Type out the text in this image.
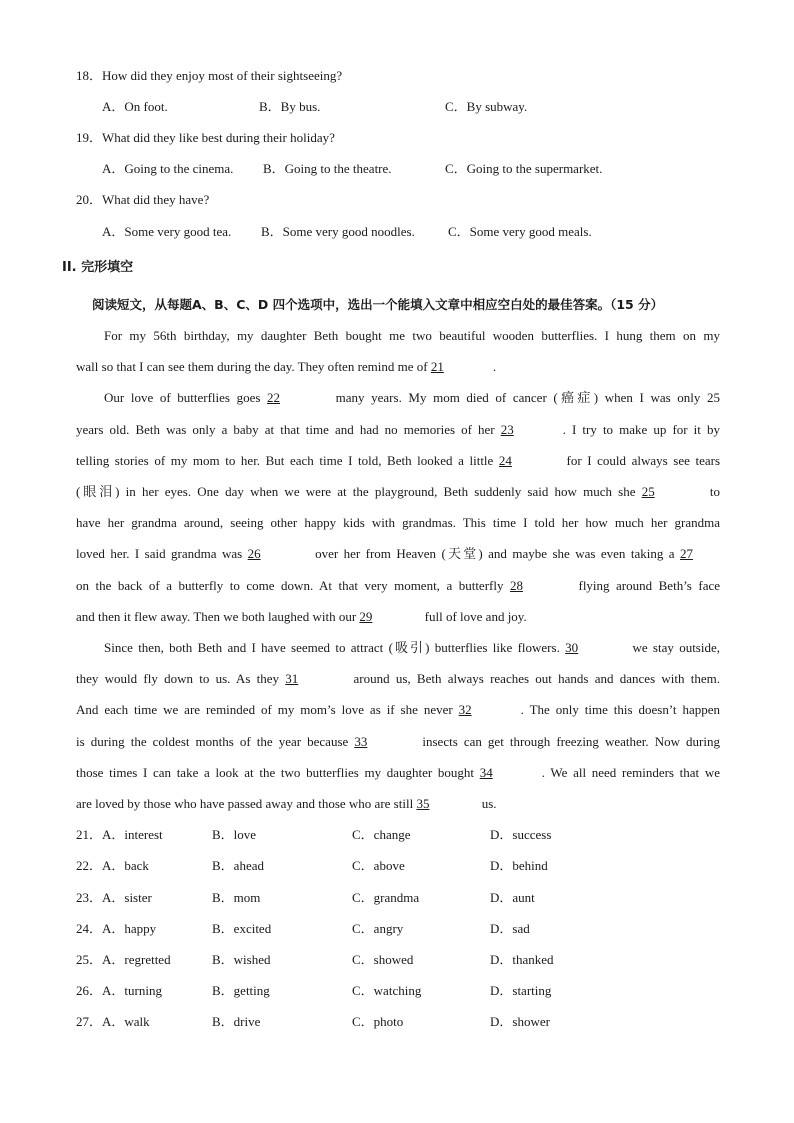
18．How did they enjoy most of their sightseeing?
A．On foot.	B．By bus.	C．By subway.
19．What did they like best during their holiday?
A．Going to the cinema. B．Going to the theatre.	C．Going to the supermarket.
20．What did they have?
A．Some very good tea. B．Some very good noodles.	C．Some very good meals.
II. 完形填空
阅读短文，从每题A、B、C、D 四个选项中，选出一个能填入文章中相应空白处的最佳答案。（15 分）
For my 56th birthday, my daughter Beth bought me two beautiful wooden butterflies. I hung them on my
wall so that I can see them during the day. They often remind me of 21	.
Our love of butterflies goes 22	many years. My mom died of cancer (癌症) when I was only 25
years old. Beth was only a baby at that time and had no memories of her 23	. I try to make up for it by
telling stories of my mom to her. But each time I told, Beth looked a little 24	for I could always see tears
(眼泪) in her eyes. One day when we were at the playground, Beth suddenly said how much she 25	to
have her grandma around, seeing other happy kids with grandmas. This time I told her how much her grandma
loved her. I said grandma was 26	over her from Heaven (天堂) and maybe she was even taking a 27
on the back of a butterfly to come down. At that very moment, a butterfly 28	flying around Beth’s face
and then it flew away. Then we both laughed with our 29	full of love and joy.
Since then, both Beth and I have seemed to attract (吸引) butterflies like flowers. 30	we stay outside,
they would fly down to us. As they 31	around us, Beth always reaches out hands and dances with them.
And each time we are reminded of my mom’s love as if she never 32	. The only time this doesn’t happen
is during the coldest months of the year because 33	insects can get through freezing weather. Now during
those times I can take a look at the two butterflies my daughter bought 34	. We all need reminders that we
are loved by those who have passed away and those who are still 35	us.
21． A．interest	B．love	C．change	D．success
22． A．back	B．ahead	C．above	D．behind
23． A．sister	B．mom	C．grandma	D．aunt
24． A．happy	B．excited	C．angry	D．sad
25． A．regretted	B．wished	C．showed	D．thanked
26． A．turning	B．getting	C．watching	D．starting
27． A．walk	B．drive	C．photo	D．shower
